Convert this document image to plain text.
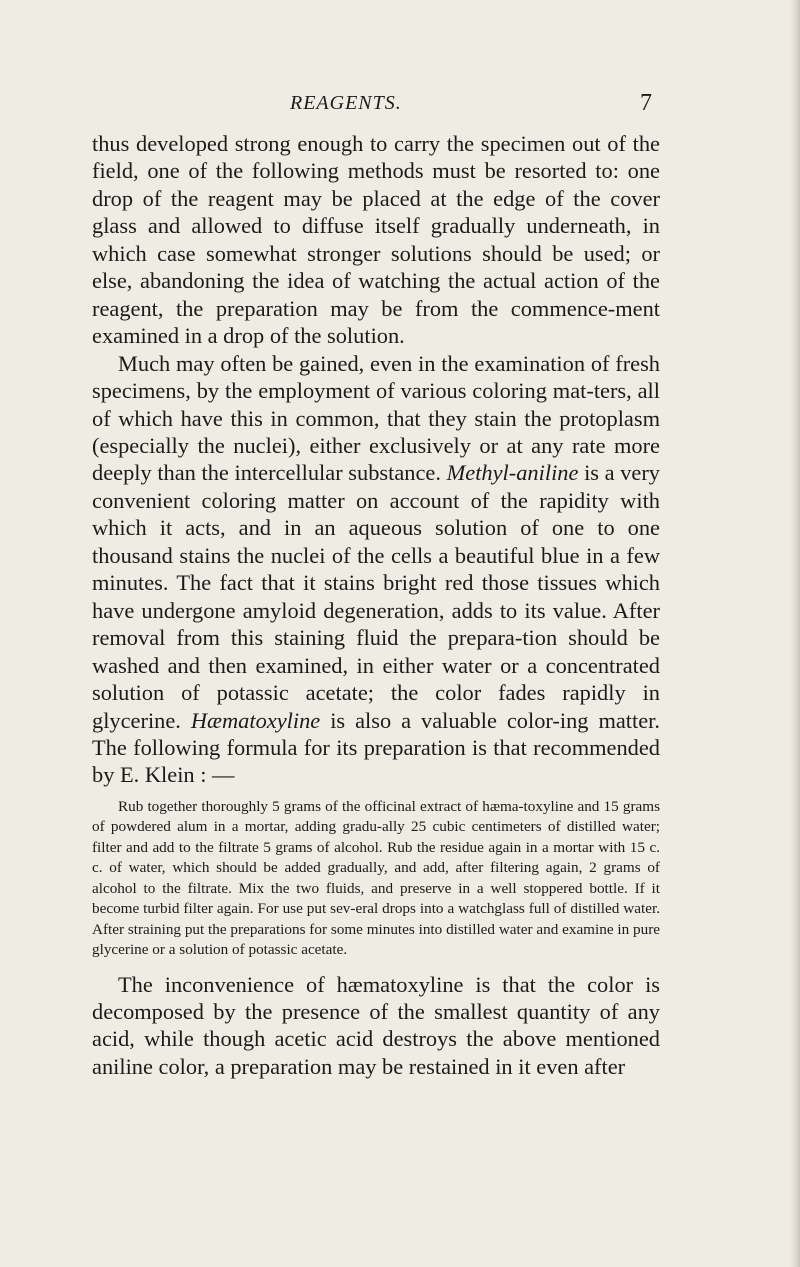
REAGENTS.	7

thus developed strong enough to carry the specimen out of the field, one of the following methods must be resorted to: one drop of the reagent may be placed at the edge of the cover glass and allowed to diffuse itself gradually underneath, in which case somewhat stronger solutions should be used; or else, abandoning the idea of watching the actual action of the reagent, the preparation may be from the commence-ment examined in a drop of the solution.

Much may often be gained, even in the examination of fresh specimens, by the employment of various coloring mat-ters, all of which have this in common, that they stain the protoplasm (especially the nuclei), either exclusively or at any rate more deeply than the intercellular substance. Methyl-aniline is a very convenient coloring matter on account of the rapidity with which it acts, and in an aqueous solution of one to one thousand stains the nuclei of the cells a beautiful blue in a few minutes. The fact that it stains bright red those tissues which have undergone amyloid degeneration, adds to its value. After removal from this staining fluid the prepara-tion should be washed and then examined, in either water or a concentrated solution of potassic acetate; the color fades rapidly in glycerine. Hæmatoxyline is also a valuable color-ing matter. The following formula for its preparation is that recommended by E. Klein : —

Rub together thoroughly 5 grams of the officinal extract of hæma-toxyline and 15 grams of powdered alum in a mortar, adding gradu-ally 25 cubic centimeters of distilled water; filter and add to the filtrate 5 grams of alcohol. Rub the residue again in a mortar with 15 c. c. of water, which should be added gradually, and add, after filtering again, 2 grams of alcohol to the filtrate. Mix the two fluids, and preserve in a well stoppered bottle. If it become turbid filter again. For use put sev-eral drops into a watchglass full of distilled water. After straining put the preparations for some minutes into distilled water and examine in pure glycerine or a solution of potassic acetate.

The inconvenience of hæmatoxyline is that the color is decomposed by the presence of the smallest quantity of any acid, while though acetic acid destroys the above mentioned aniline color, a preparation may be restained in it even after
